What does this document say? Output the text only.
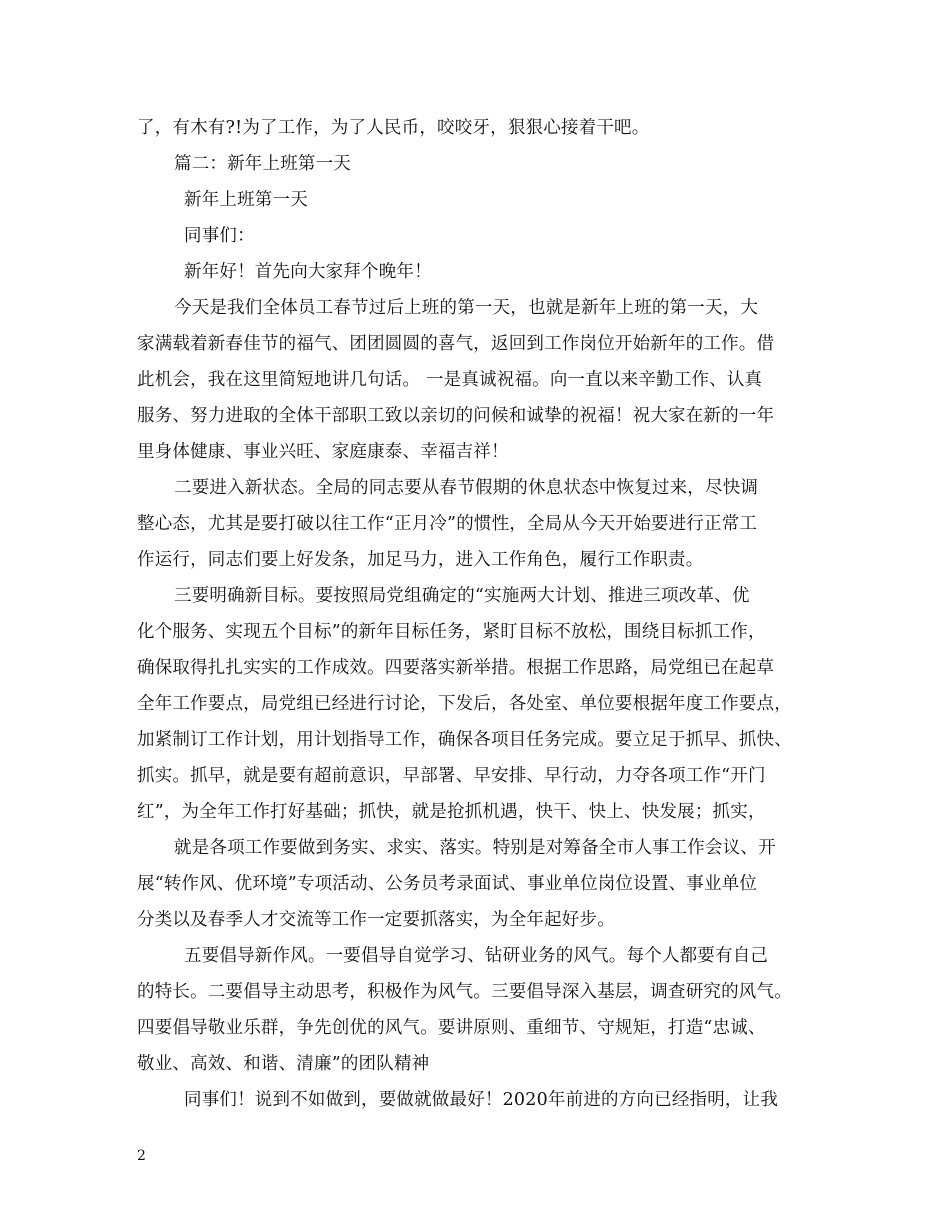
了，有木有?!为了工作，为了人民币，咬咬牙，狠狠心接着干吧。
篇二：新年上班第一天
新年上班第一天
同事们：
新年好！首先向大家拜个晚年！
今天是我们全体员工春节过后上班的第一天，也就是新年上班的第一天，大
家满载着新春佳节的福气、团团圆圆的喜气，返回到工作岗位开始新年的工作。借
此机会，我在这里简短地讲几句话。 一是真诚祝福。向一直以来辛勤工作、认真
服务、努力进取的全体干部职工致以亲切的问候和诚挚的祝福！祝大家在新的一年
里身体健康、事业兴旺、家庭康泰、幸福吉祥！
二要进入新状态。全局的同志要从春节假期的休息状态中恢复过来，尽快调
整心态，尤其是要打破以往工作“正月冷”的惯性，全局从今天开始要进行正常工
作运行，同志们要上好发条，加足马力，进入工作角色，履行工作职责。
三要明确新目标。要按照局党组确定的“实施两大计划、推进三项改革、优
化个服务、实现五个目标”的新年目标任务，紧盯目标不放松，围绕目标抓工作，
确保取得扎扎实实的工作成效。四要落实新举措。根据工作思路，局党组已在起草
全年工作要点，局党组已经进行讨论，下发后，各处室、单位要根据年度工作要点，
加紧制订工作计划，用计划指导工作，确保各项目任务完成。要立足于抓早、抓快、
抓实。抓早，就是要有超前意识，早部署、早安排、早行动，力夺各项工作“开门
红”，为全年工作打好基础；抓快，就是抢抓机遇，快干、快上、快发展；抓实，
就是各项工作要做到务实、求实、落实。特别是对筹备全市人事工作会议、开
展“转作风、优环境”专项活动、公务员考录面试、事业单位岗位设置、事业单位
分类以及春季人才交流等工作一定要抓落实，为全年起好步。
五要倡导新作风。一要倡导自觉学习、钻研业务的风气。每个人都要有自己
的特长。二要倡导主动思考，积极作为风气。三要倡导深入基层，调查研究的风气。
四要倡导敬业乐群，争先创优的风气。要讲原则、重细节、守规矩，打造“忠诚、
敬业、高效、和谐、清廉”的团队精神
同事们！说到不如做到，要做就做最好！2020年前进的方向已经指明，让我
2
